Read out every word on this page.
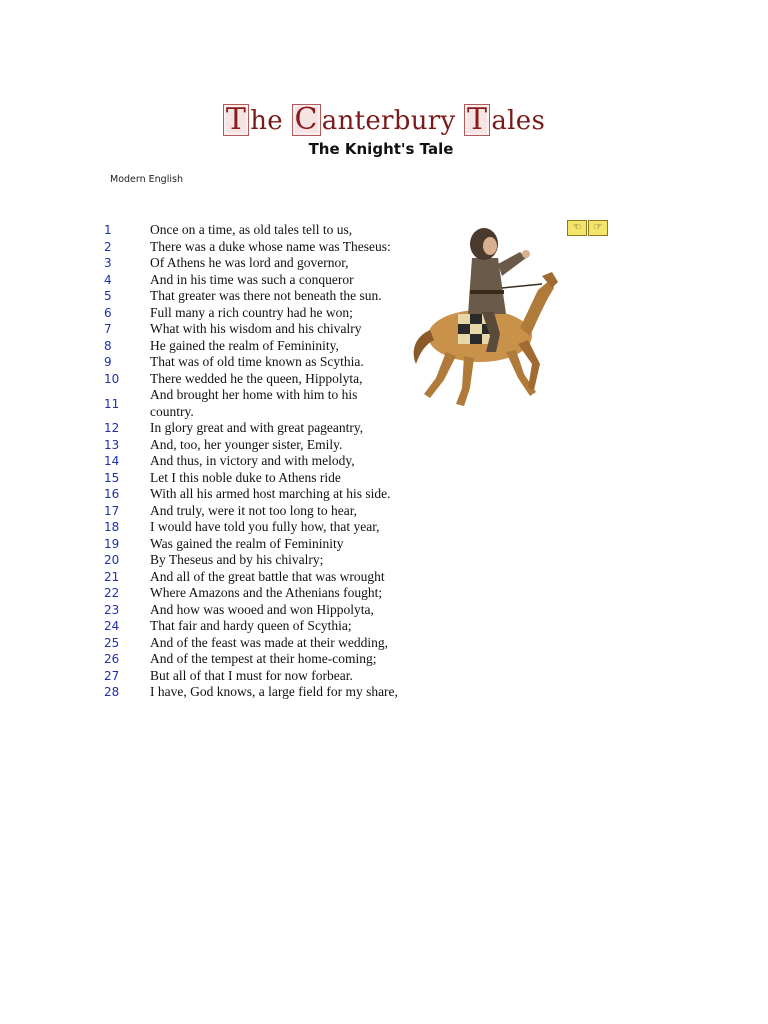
T he C anterbury T ales
The Knight's Tale
Modern English
1	Once on a time, as old tales tell to us,
2	There was a duke whose name was Theseus:
3	Of Athens he was lord and governor,
4	And in his time was such a conqueror
5	That greater was there not beneath the sun.
6	Full many a rich country had he won;
7	What with his wisdom and his chivalry
8	He gained the realm of Femininity,
9	That was of old time known as Scythia.
10	There wedded he the queen, Hippolyta,
11	And brought her home with him to his country.
12	In glory great and with great pageantry,
13	And, too, her younger sister, Emily.
14	And thus, in victory and with melody,
15	Let I this noble duke to Athens ride
16	With all his armed host marching at his side.
17	And truly, were it not too long to hear,
18	I would have told you fully how, that year,
19	Was gained the realm of Femininity
20	By Theseus and by his chivalry;
21	And all of the great battle that was wrought
22	Where Amazons and the Athenians fought;
23	And how was wooed and won Hippolyta,
24	That fair and hardy queen of Scythia;
25	And of the feast was made at their wedding,
26	And of the tempest at their home-coming;
27	But all of that I must for now forbear.
28	I have, God knows, a large field for my share,
☜ ☞
